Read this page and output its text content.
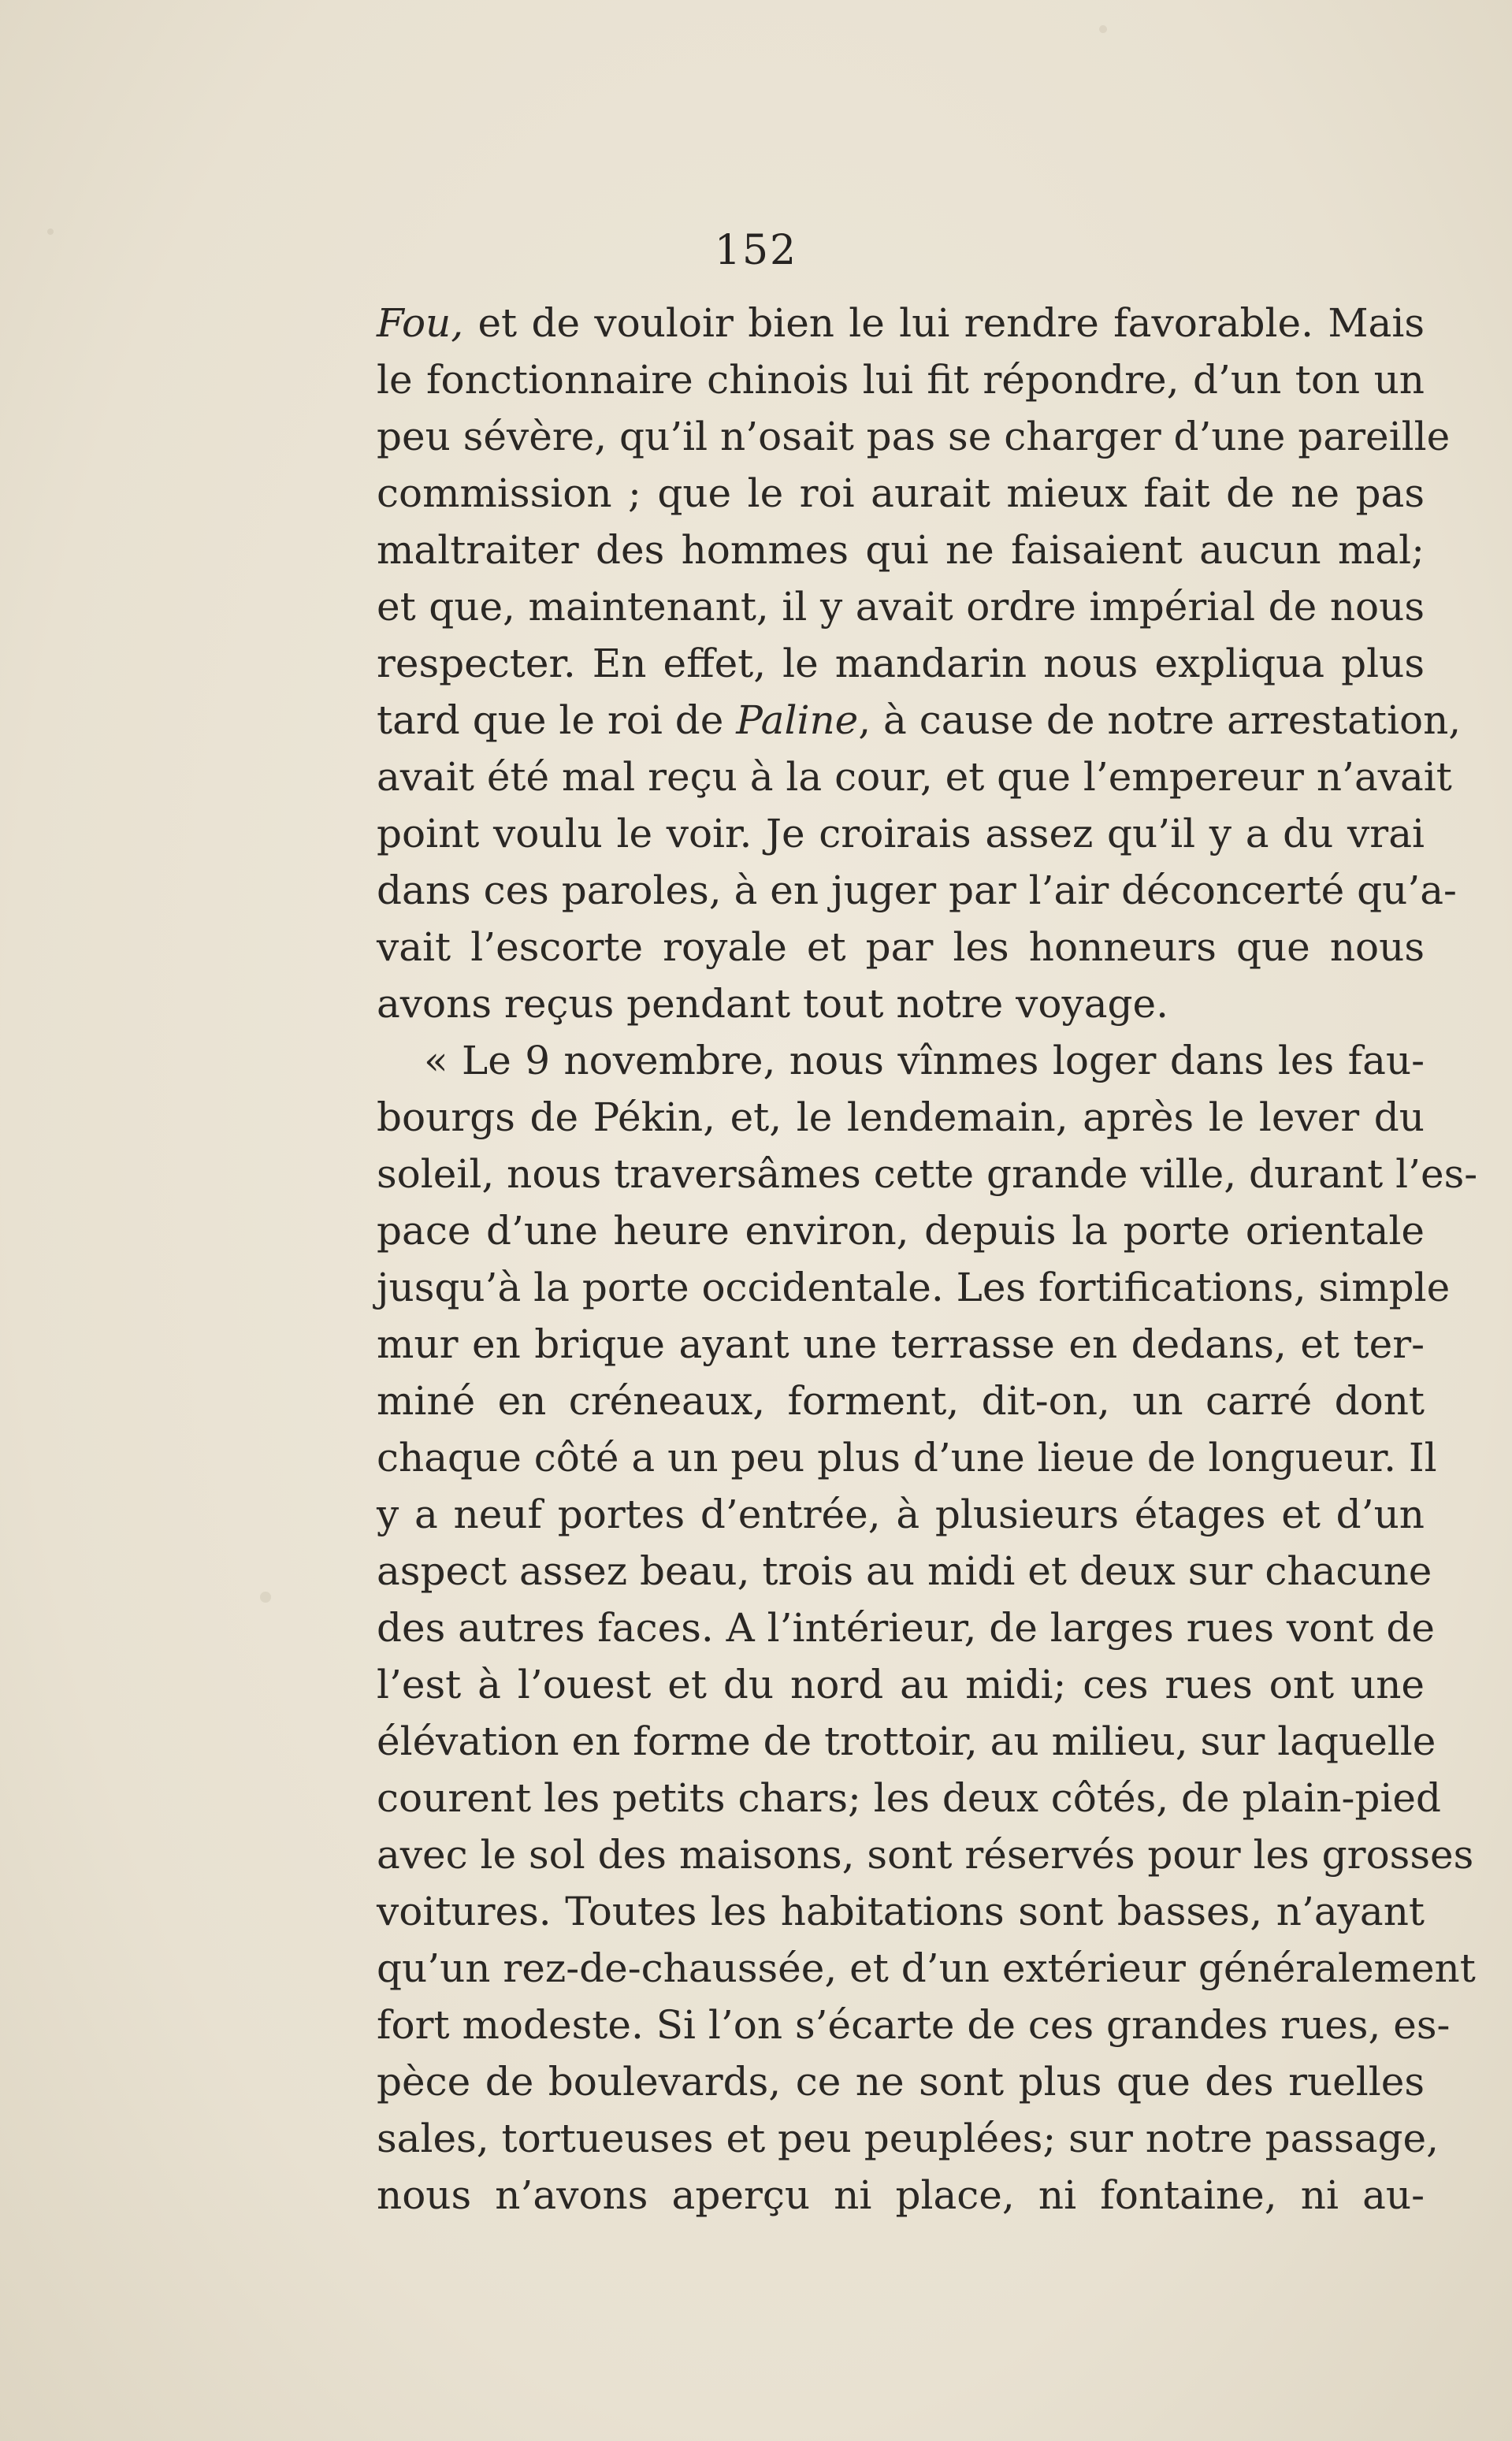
152
Fou, et de vouloir bien le lui rendre favorable. Mais
le fonctionnaire chinois lui fit répondre, d’un ton un
peu sévère, qu’il n’osait pas se charger d’une pareille
commission ; que le roi aurait mieux fait de ne pas
maltraiter des hommes qui ne faisaient aucun mal;
et que, maintenant, il y avait ordre impérial de nous
respecter. En effet, le mandarin nous expliqua plus
tard que le roi de Paline, à cause de notre arrestation,
avait été mal reçu à la cour, et que l’empereur n’avait
point voulu le voir. Je croirais assez qu’il y a du vrai
dans ces paroles, à en juger par l’air déconcerté qu’a-
vait l’escorte royale et par les honneurs que nous
avons reçus pendant tout notre voyage.
« Le 9 novembre, nous vînmes loger dans les fau-
bourgs de Pékin, et, le lendemain, après le lever du
soleil, nous traversâmes cette grande ville, durant l’es-
pace d’une heure environ, depuis la porte orientale
jusqu’à la porte occidentale. Les fortifications, simple
mur en brique ayant une terrasse en dedans, et ter-
miné en créneaux, forment, dit-on, un carré dont
chaque côté a un peu plus d’une lieue de longueur. Il
y a neuf portes d’entrée, à plusieurs étages et d’un
aspect assez beau, trois au midi et deux sur chacune
des autres faces. A l’intérieur, de larges rues vont de
l’est à l’ouest et du nord au midi; ces rues ont une
élévation en forme de trottoir, au milieu, sur laquelle
courent les petits chars; les deux côtés, de plain-pied
avec le sol des maisons, sont réservés pour les grosses
voitures. Toutes les habitations sont basses, n’ayant
qu’un rez-de-chaussée, et d’un extérieur généralement
fort modeste. Si l’on s’écarte de ces grandes rues, es-
pèce de boulevards, ce ne sont plus que des ruelles
sales, tortueuses et peu peuplées; sur notre passage,
nous n’avons aperçu ni place, ni fontaine, ni au-
